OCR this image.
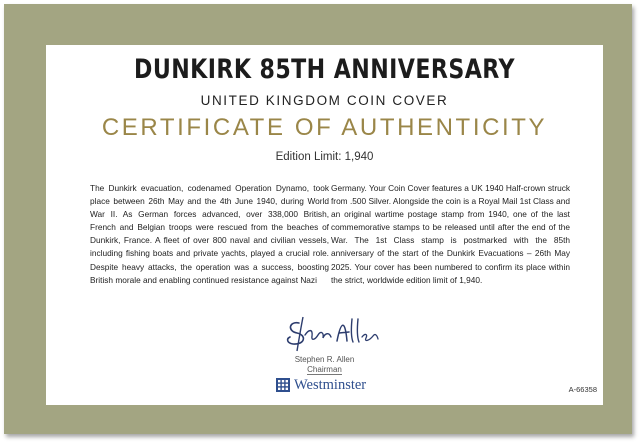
DUNKIRK 85TH ANNIVERSARY
UNITED KINGDOM COIN COVER
CERTIFICATE OF AUTHENTICITY
Edition Limit: 1,940
The Dunkirk evacuation, codenamed Operation Dynamo, took place between 26th May and the 4th June 1940, during World War II. As German forces advanced, over 338,000 British, French and Belgian troops were rescued from the beaches of Dunkirk, France. A fleet of over 800 naval and civilian vessels, including fishing boats and private yachts, played a crucial role. Despite heavy attacks, the operation was a success, boosting British morale and enabling continued resistance against Nazi
Germany. Your Coin Cover features a UK 1940 Half-crown struck from .500 Silver. Alongside the coin is a Royal Mail 1st Class and an original wartime postage stamp from 1940, one of the last commemorative stamps to be released until after the end of the War. The 1st Class stamp is postmarked with the 85th anniversary of the start of the Dunkirk Evacuations – 26th May 2025. Your cover has been numbered to confirm its place within the strict, worldwide edition limit of 1,940.
Stephen R. Allen
Chairman
Westminster	A-66358
